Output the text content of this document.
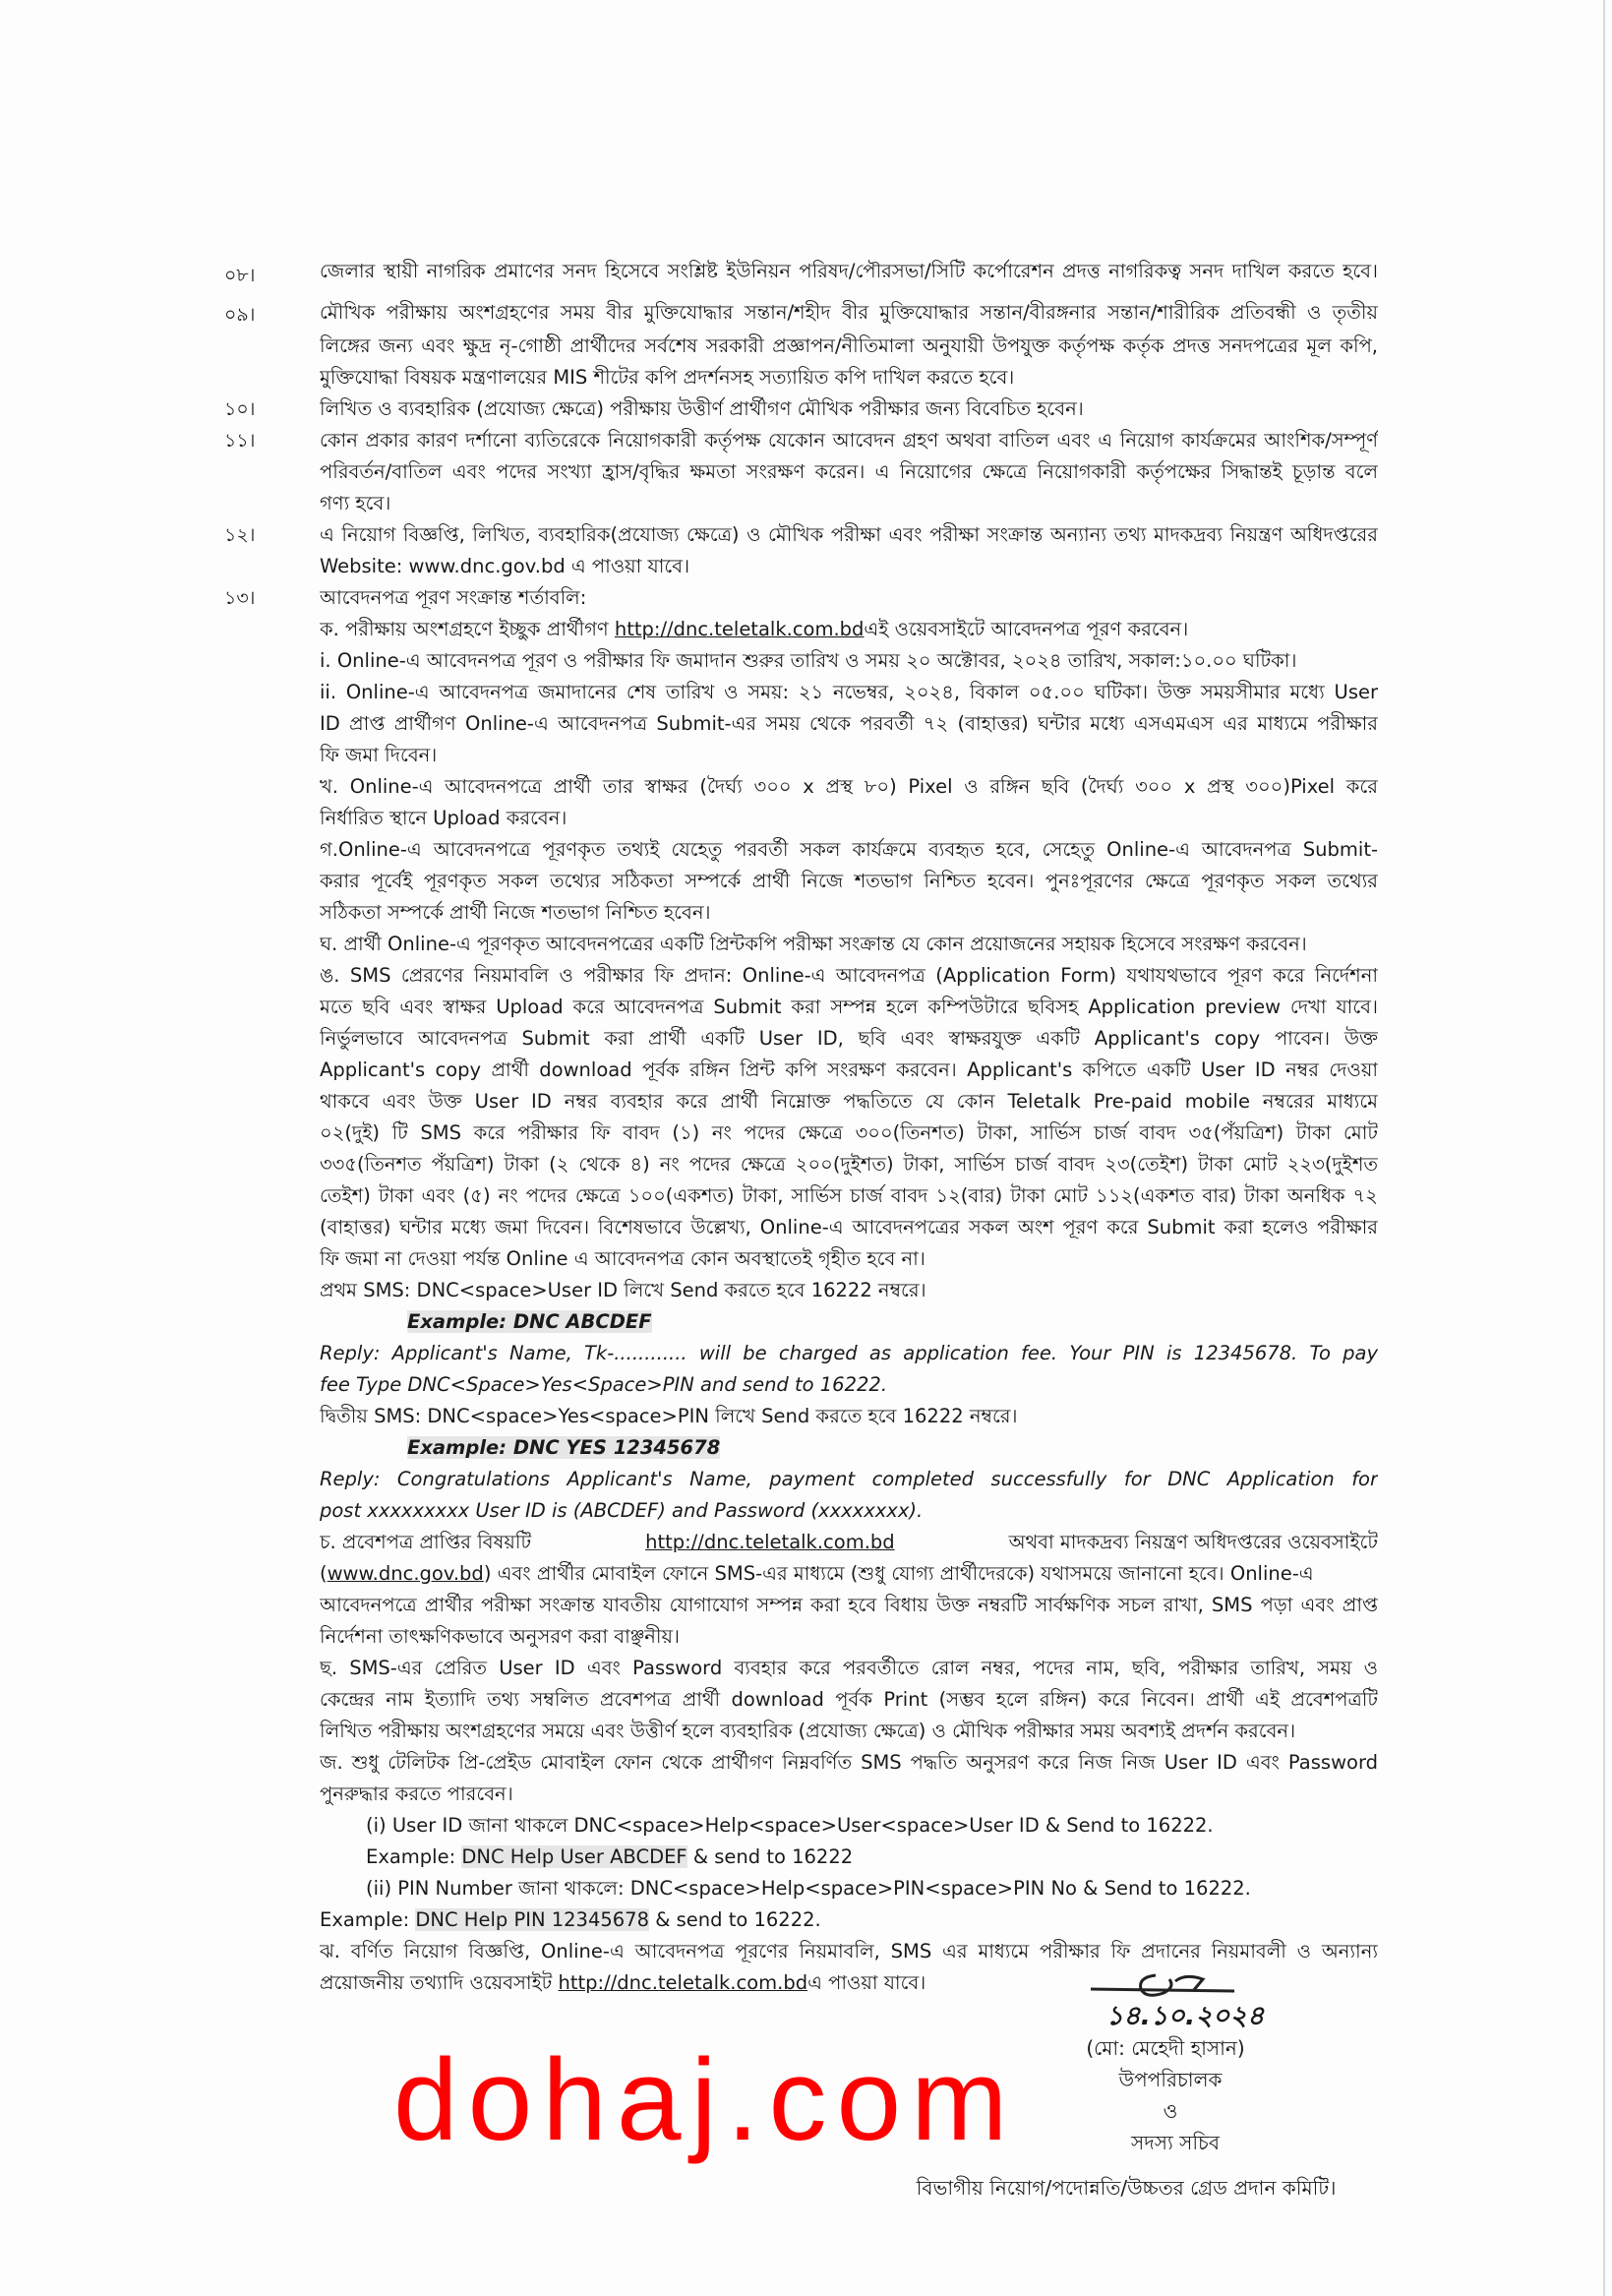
০৮।	জেলার স্থায়ী নাগরিক প্রমাণের সনদ হিসেবে সংশ্লিষ্ট ইউনিয়ন পরিষদ/পৌরসভা/সিটি কর্পোরেশন প্রদত্ত নাগরিকত্ব সনদ দাখিল করতে হবে।
০৯।	মৌখিক পরীক্ষায় অংশগ্রহণের সময় বীর মুক্তিযোদ্ধার সন্তান/শহীদ বীর মুক্তিযোদ্ধার সন্তান/বীরঙ্গনার সন্তান/শারীরিক প্রতিবন্ধী ও তৃতীয়
লিঙ্গের জন্য এবং ক্ষুদ্র নৃ-গোষ্ঠী প্রার্থীদের সর্বশেষ সরকারী প্রজ্ঞাপন/নীতিমালা অনুযায়ী উপযুক্ত কর্তৃপক্ষ কর্তৃক প্রদত্ত সনদপত্রের মূল কপি,
মুক্তিযোদ্ধা বিষয়ক মন্ত্রণালয়ের MIS শীটের কপি প্রদর্শনসহ সত্যায়িত কপি দাখিল করতে হবে।
১০।	লিখিত ও ব্যবহারিক (প্রযোজ্য ক্ষেত্রে) পরীক্ষায় উত্তীর্ণ প্রার্থীগণ মৌখিক পরীক্ষার জন্য বিবেচিত হবেন।
১১।	কোন প্রকার কারণ দর্শানো ব্যতিরেকে নিয়োগকারী কর্তৃপক্ষ যেকোন আবেদন গ্রহণ অথবা বাতিল এবং এ নিয়োগ কার্যক্রমের আংশিক/সম্পূর্ণ
পরিবর্তন/বাতিল এবং পদের সংখ্যা হ্রাস/বৃদ্ধির ক্ষমতা সংরক্ষণ করেন। এ নিয়োগের ক্ষেত্রে নিয়োগকারী কর্তৃপক্ষের সিদ্ধান্তই চূড়ান্ত বলে
গণ্য হবে।
১২।	এ নিয়োগ বিজ্ঞপ্তি, লিখিত, ব্যবহারিক(প্রযোজ্য ক্ষেত্রে) ও মৌখিক পরীক্ষা এবং পরীক্ষা সংক্রান্ত অন্যান্য তথ্য মাদকদ্রব্য নিয়ন্ত্রণ অধিদপ্তরের
Website: www.dnc.gov.bd এ পাওয়া যাবে।
১৩।	আবেদনপত্র পূরণ সংক্রান্ত শর্তাবলি:
ক. পরীক্ষায় অংশগ্রহণে ইচ্ছুক প্রার্থীগণ http://dnc.teletalk.com.bdএই ওয়েবসাইটে আবেদনপত্র পূরণ করবেন।
i. Online-এ আবেদনপত্র পূরণ ও পরীক্ষার ফি জমাদান শুরুর তারিখ ও সময় ২০ অক্টোবর, ২০২৪ তারিখ, সকাল:১০.০০ ঘটিকা।
ii. Online-এ আবেদনপত্র জমাদানের শেষ তারিখ ও সময়: ২১ নভেম্বর, ২০২৪, বিকাল ০৫.০০ ঘটিকা। উক্ত সময়সীমার মধ্যে User
ID প্রাপ্ত প্রার্থীগণ Online-এ আবেদনপত্র Submit-এর সময় থেকে পরবর্তী ৭২ (বাহাত্তর) ঘন্টার মধ্যে এসএমএস এর মাধ্যমে পরীক্ষার
ফি জমা দিবেন।
খ. Online-এ আবেদনপত্রে প্রার্থী তার স্বাক্ষর (দৈর্ঘ্য ৩০০ x প্রস্থ ৮০) Pixel ও রঙ্গিন ছবি (দৈর্ঘ্য ৩০০ x প্রস্থ ৩০০)Pixel করে
নির্ধারিত স্থানে Upload করবেন।
গ.Online-এ আবেদনপত্রে পূরণকৃত তথ্যই যেহেতু পরবর্তী সকল কার্যক্রমে ব্যবহৃত হবে, সেহেতু Online-এ আবেদনপত্র Submit-
করার পূর্বেই পূরণকৃত সকল তথ্যের সঠিকতা সম্পর্কে প্রার্থী নিজে শতভাগ নিশ্চিত হবেন। পুনঃপূরণের ক্ষেত্রে পূরণকৃত সকল তথ্যের
সঠিকতা সম্পর্কে প্রার্থী নিজে শতভাগ নিশ্চিত হবেন।
ঘ. প্রার্থী Online-এ পূরণকৃত আবেদনপত্রের একটি প্রিন্টকপি পরীক্ষা সংক্রান্ত যে কোন প্রয়োজনের সহায়ক হিসেবে সংরক্ষণ করবেন।
ঙ. SMS প্রেরণের নিয়মাবলি ও পরীক্ষার ফি প্রদান: Online-এ আবেদনপত্র (Application Form) যথাযথভাবে পূরণ করে নির্দেশনা
মতে ছবি এবং স্বাক্ষর Upload করে আবেদনপত্র Submit করা সম্পন্ন হলে কম্পিউটারে ছবিসহ Application preview দেখা যাবে।
নির্ভুলভাবে আবেদনপত্র Submit করা প্রার্থী একটি User ID, ছবি এবং স্বাক্ষরযুক্ত একটি Applicant's copy পাবেন। উক্ত
Applicant's copy প্রার্থী download পূর্বক রঙ্গিন প্রিন্ট কপি সংরক্ষণ করবেন। Applicant's কপিতে একটি User ID নম্বর দেওয়া
থাকবে এবং উক্ত User ID নম্বর ব্যবহার করে প্রার্থী নিম্নোক্ত পদ্ধতিতে যে কোন Teletalk Pre-paid mobile নম্বরের মাধ্যমে
০২(দুই) টি SMS করে পরীক্ষার ফি বাবদ (১) নং পদের ক্ষেত্রে ৩০০(তিনশত) টাকা, সার্ভিস চার্জ বাবদ ৩৫(পঁয়ত্রিশ) টাকা মোট
৩৩৫(তিনশত পঁয়ত্রিশ) টাকা (২ থেকে ৪) নং পদের ক্ষেত্রে ২০০(দুইশত) টাকা, সার্ভিস চার্জ বাবদ ২৩(তেইশ) টাকা মোট ২২৩(দুইশত
তেইশ) টাকা এবং (৫) নং পদের ক্ষেত্রে ১০০(একশত) টাকা, সার্ভিস চার্জ বাবদ ১২(বার) টাকা মোট ১১২(একশত বার) টাকা অনধিক ৭২
(বাহাত্তর) ঘন্টার মধ্যে জমা দিবেন। বিশেষভাবে উল্লেখ্য, Online-এ আবেদনপত্রের সকল অংশ পূরণ করে Submit করা হলেও পরীক্ষার
ফি জমা না দেওয়া পর্যন্ত Online এ আবেদনপত্র কোন অবস্থাতেই গৃহীত হবে না।
প্রথম SMS: DNC<space>User ID লিখে Send করতে হবে 16222 নম্বরে।
Example: DNC ABCDEF
Reply: Applicant's Name, Tk-............ will be charged as application fee. Your PIN is 12345678. To pay
fee Type DNC<Space>Yes<Space>PIN and send to 16222.
দ্বিতীয় SMS: DNC<space>Yes<space>PIN লিখে Send করতে হবে 16222 নম্বরে।
Example: DNC YES 12345678
Reply: Congratulations Applicant's Name, payment completed successfully for DNC Application for
post xxxxxxxxx User ID is (ABCDEF) and Password (xxxxxxxx).
চ. প্রবেশপত্র প্রাপ্তির বিষয়টি	http://dnc.teletalk.com.bd	অথবা মাদকদ্রব্য নিয়ন্ত্রণ অধিদপ্তরের ওয়েবসাইটে
(www.dnc.gov.bd) এবং প্রার্থীর মোবাইল ফোনে SMS-এর মাধ্যমে (শুধু যোগ্য প্রার্থীদেরকে) যথাসময়ে জানানো হবে। Online-এ
আবেদনপত্রে প্রার্থীর পরীক্ষা সংক্রান্ত যাবতীয় যোগাযোগ সম্পন্ন করা হবে বিধায় উক্ত নম্বরটি সার্বক্ষণিক সচল রাখা, SMS পড়া এবং প্রাপ্ত
নির্দেশনা তাৎক্ষণিকভাবে অনুসরণ করা বাঞ্ছনীয়।
ছ. SMS-এর প্রেরিত User ID এবং Password ব্যবহার করে পরবর্তীতে রোল নম্বর, পদের নাম, ছবি, পরীক্ষার তারিখ, সময় ও
কেন্দ্রের নাম ইত্যাদি তথ্য সম্বলিত প্রবেশপত্র প্রার্থী download পূর্বক Print (সম্ভব হলে রঙ্গিন) করে নিবেন। প্রার্থী এই প্রবেশপত্রটি
লিখিত পরীক্ষায় অংশগ্রহণের সময়ে এবং উত্তীর্ণ হলে ব্যবহারিক (প্রযোজ্য ক্ষেত্রে) ও মৌখিক পরীক্ষার সময় অবশ্যই প্রদর্শন করবেন।
জ. শুধু টেলিটক প্রি-প্রেইড মোবাইল ফোন থেকে প্রার্থীগণ নিম্নবর্ণিত SMS পদ্ধতি অনুসরণ করে নিজ নিজ User ID এবং Password
পুনরুদ্ধার করতে পারবেন।
(i) User ID জানা থাকলে DNC<space>Help<space>User<space>User ID & Send to 16222.
Example: DNC Help User ABCDEF & send to 16222
(ii) PIN Number জানা থাকলে: DNC<space>Help<space>PIN<space>PIN No & Send to 16222.
Example: DNC Help PIN 12345678 & send to 16222.
ঝ. বর্ণিত নিয়োগ বিজ্ঞপ্তি, Online-এ আবেদনপত্র পূরণের নিয়মাবলি, SMS এর মাধ্যমে পরীক্ষার ফি প্রদানের নিয়মাবলী ও অন্যান্য
প্রয়োজনীয় তথ্যাদি ওয়েবসাইট http://dnc.teletalk.com.bdএ পাওয়া যাবে।
১৪.১০.২০২৪
(মো: মেহেদী হাসান)
উপপরিচালক
ও
সদস্য সচিব
বিভাগীয় নিয়োগ/পদোন্নতি/উচ্চতর গ্রেড প্রদান কমিটি।
dohaj.com
